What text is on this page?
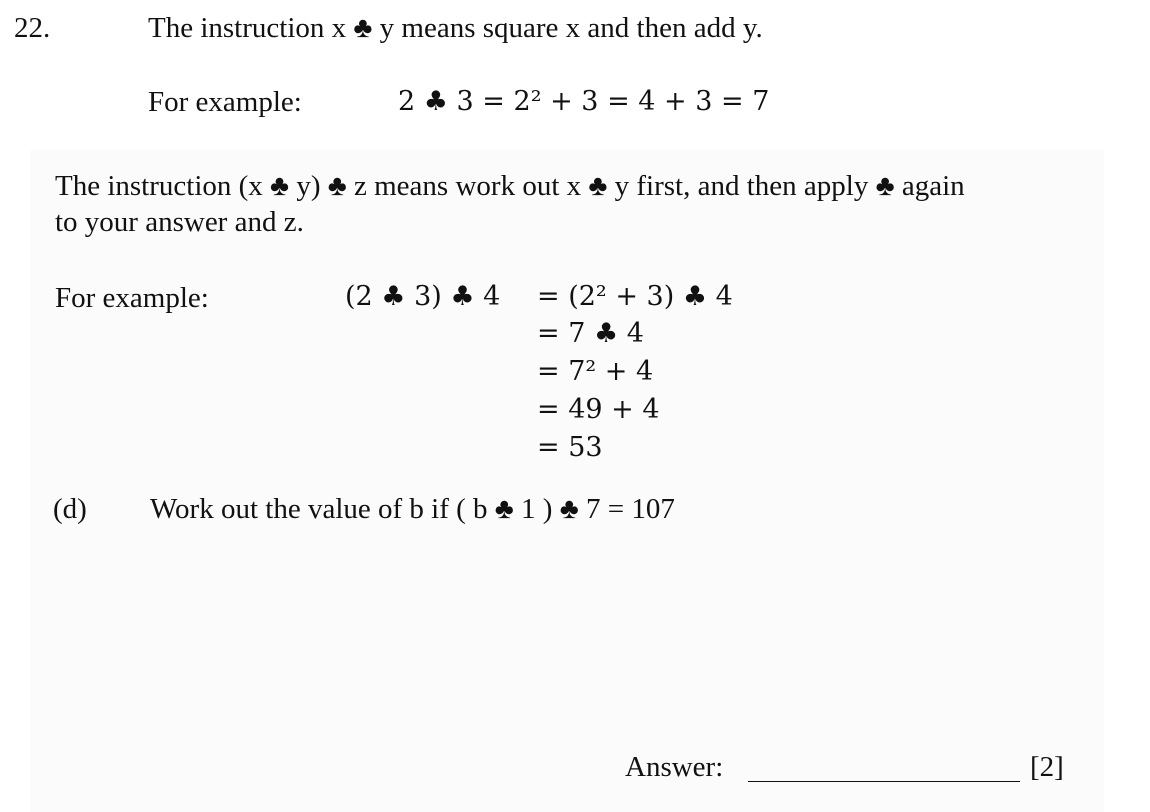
22.	The instruction x ♣ y means square x and then add y.
For example:	2 ♣ 3 = 2² + 3 = 4 + 3 = 7
The instruction (x ♣ y) ♣ z means work out x ♣ y first, and then apply ♣ again
to your answer and z.
For example:	(2 ♣ 3) ♣ 4 = (2² + 3) ♣ 4
= 7 ♣ 4
= 7² + 4
= 49 + 4
= 53
(d) Work out the value of b if ( b ♣ 1 ) ♣ 7 = 107
Answer:	[2]
